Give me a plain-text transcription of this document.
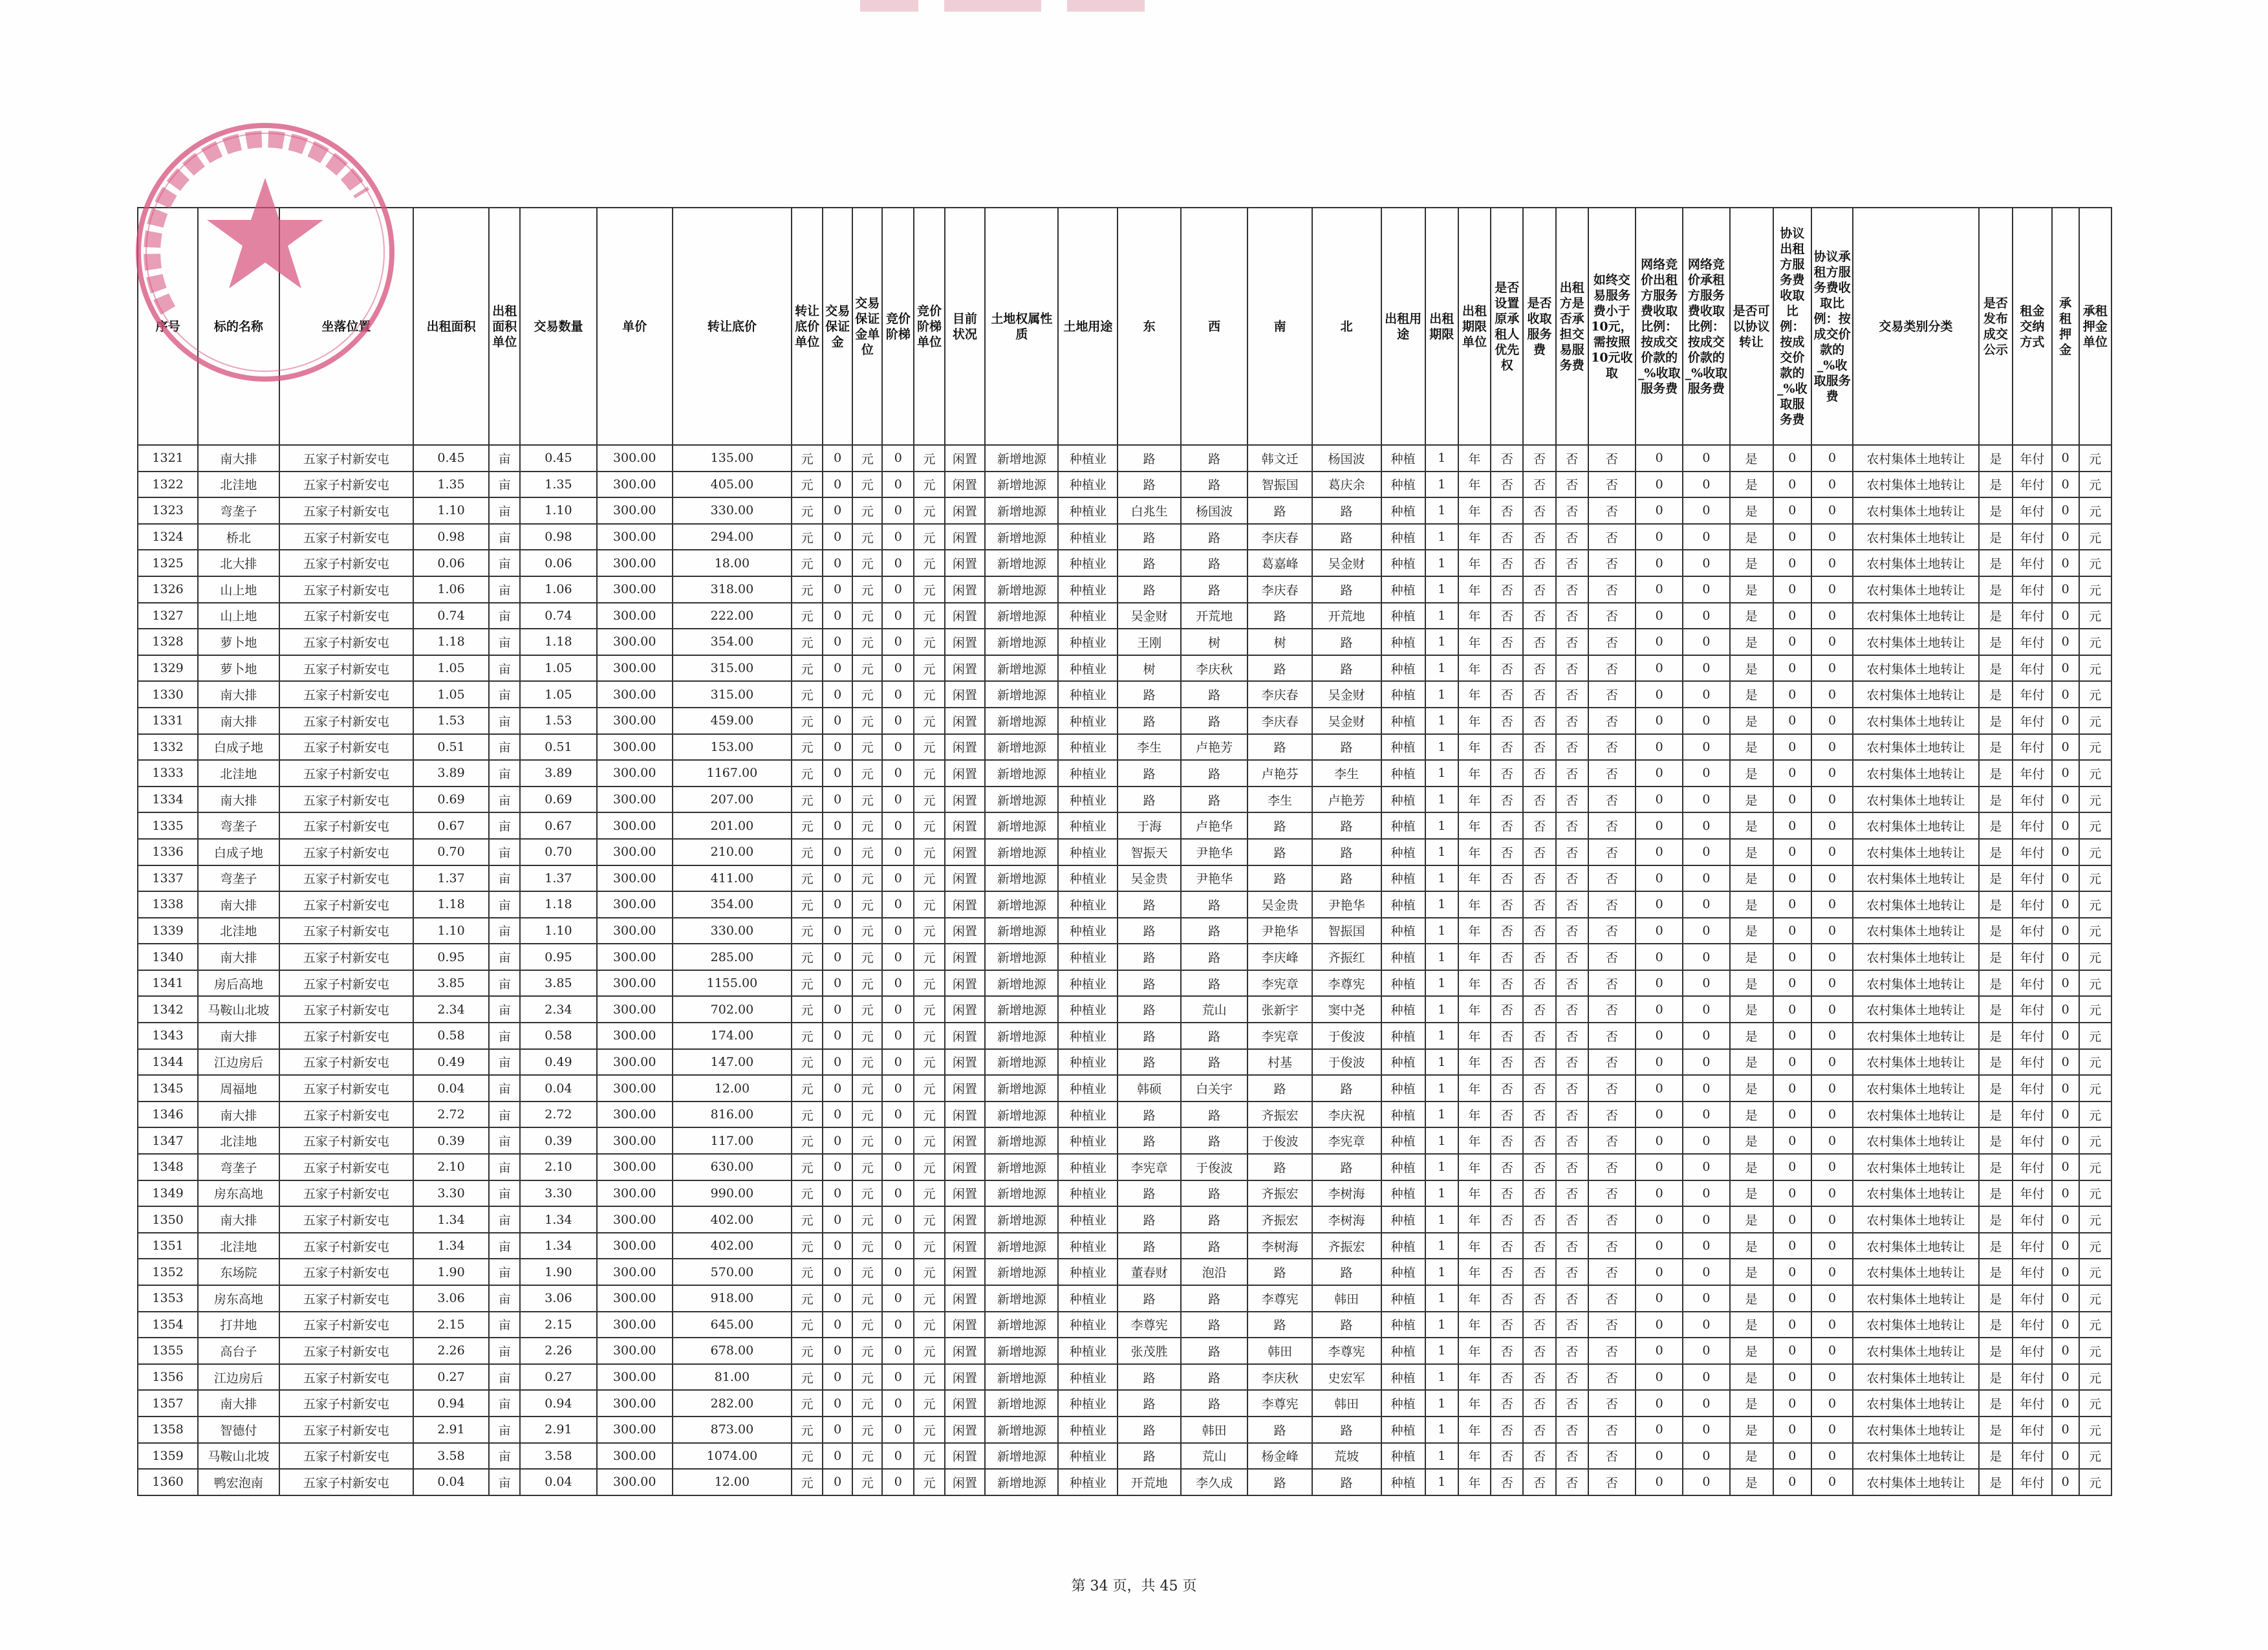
序号	标的名称	坐落位置	出租面积	出租面积单位	交易数量	单价	转让底价	转让底价单位	交易保证金	交易保证金单位	竞价阶梯	竞价阶梯单位	目前状况	土地权属性质	土地用途	东	西	南	北	出租用途	出租期限	出租期限单位	是否设置原承租人优先权	是否收取服务费	出租方是否承担交易服务费	如终交易服务费小于10元，需按照10元收取	网络竞价出租方服务费收取比例：按成交价款的_%收取服务费	网络竞价承租方服务费收取比例：按成交价款的_%收取服务费	是否可以协议转让	协议出租方服务费收取比例：按成交价款的_%收取服务费	协议承租方服务费收取比例：按成交价款的_%收取服务费	交易类别分类	是否发布成交公示	租金交纳方式	承租押金	承租押金单位
1321	南大排	五家子村新安屯	0.45	亩	0.45	300.00	135.00	元	0	元	0	元	闲置	新增地源	种植业	路	路	韩文迁	杨国波	种植	1	年	否	否	否	否	0	0	是	0	0	农村集体土地转让	是	年付	0	元
1322	北洼地	五家子村新安屯	1.35	亩	1.35	300.00	405.00	元	0	元	0	元	闲置	新增地源	种植业	路	路	智振国	葛庆余	种植	1	年	否	否	否	否	0	0	是	0	0	农村集体土地转让	是	年付	0	元
1323	弯垄子	五家子村新安屯	1.10	亩	1.10	300.00	330.00	元	0	元	0	元	闲置	新增地源	种植业	白兆生	杨国波	路	路	种植	1	年	否	否	否	否	0	0	是	0	0	农村集体土地转让	是	年付	0	元
1324	桥北	五家子村新安屯	0.98	亩	0.98	300.00	294.00	元	0	元	0	元	闲置	新增地源	种植业	路	路	李庆春	路	种植	1	年	否	否	否	否	0	0	是	0	0	农村集体土地转让	是	年付	0	元
1325	北大排	五家子村新安屯	0.06	亩	0.06	300.00	18.00	元	0	元	0	元	闲置	新增地源	种植业	路	路	葛嘉峰	吴金财	种植	1	年	否	否	否	否	0	0	是	0	0	农村集体土地转让	是	年付	0	元
1326	山上地	五家子村新安屯	1.06	亩	1.06	300.00	318.00	元	0	元	0	元	闲置	新增地源	种植业	路	路	李庆春	路	种植	1	年	否	否	否	否	0	0	是	0	0	农村集体土地转让	是	年付	0	元
1327	山上地	五家子村新安屯	0.74	亩	0.74	300.00	222.00	元	0	元	0	元	闲置	新增地源	种植业	吴金财	开荒地	路	开荒地	种植	1	年	否	否	否	否	0	0	是	0	0	农村集体土地转让	是	年付	0	元
1328	萝卜地	五家子村新安屯	1.18	亩	1.18	300.00	354.00	元	0	元	0	元	闲置	新增地源	种植业	王刚	树	树	路	种植	1	年	否	否	否	否	0	0	是	0	0	农村集体土地转让	是	年付	0	元
1329	萝卜地	五家子村新安屯	1.05	亩	1.05	300.00	315.00	元	0	元	0	元	闲置	新增地源	种植业	树	李庆秋	路	路	种植	1	年	否	否	否	否	0	0	是	0	0	农村集体土地转让	是	年付	0	元
1330	南大排	五家子村新安屯	1.05	亩	1.05	300.00	315.00	元	0	元	0	元	闲置	新增地源	种植业	路	路	李庆春	吴金财	种植	1	年	否	否	否	否	0	0	是	0	0	农村集体土地转让	是	年付	0	元
1331	南大排	五家子村新安屯	1.53	亩	1.53	300.00	459.00	元	0	元	0	元	闲置	新增地源	种植业	路	路	李庆春	吴金财	种植	1	年	否	否	否	否	0	0	是	0	0	农村集体土地转让	是	年付	0	元
1332	白成子地	五家子村新安屯	0.51	亩	0.51	300.00	153.00	元	0	元	0	元	闲置	新增地源	种植业	李生	卢艳芳	路	路	种植	1	年	否	否	否	否	0	0	是	0	0	农村集体土地转让	是	年付	0	元
1333	北洼地	五家子村新安屯	3.89	亩	3.89	300.00	1167.00	元	0	元	0	元	闲置	新增地源	种植业	路	路	卢艳芬	李生	种植	1	年	否	否	否	否	0	0	是	0	0	农村集体土地转让	是	年付	0	元
1334	南大排	五家子村新安屯	0.69	亩	0.69	300.00	207.00	元	0	元	0	元	闲置	新增地源	种植业	路	路	李生	卢艳芳	种植	1	年	否	否	否	否	0	0	是	0	0	农村集体土地转让	是	年付	0	元
1335	弯垄子	五家子村新安屯	0.67	亩	0.67	300.00	201.00	元	0	元	0	元	闲置	新增地源	种植业	于海	卢艳华	路	路	种植	1	年	否	否	否	否	0	0	是	0	0	农村集体土地转让	是	年付	0	元
1336	白成子地	五家子村新安屯	0.70	亩	0.70	300.00	210.00	元	0	元	0	元	闲置	新增地源	种植业	智振天	尹艳华	路	路	种植	1	年	否	否	否	否	0	0	是	0	0	农村集体土地转让	是	年付	0	元
1337	弯垄子	五家子村新安屯	1.37	亩	1.37	300.00	411.00	元	0	元	0	元	闲置	新增地源	种植业	吴金贵	尹艳华	路	路	种植	1	年	否	否	否	否	0	0	是	0	0	农村集体土地转让	是	年付	0	元
1338	南大排	五家子村新安屯	1.18	亩	1.18	300.00	354.00	元	0	元	0	元	闲置	新增地源	种植业	路	路	吴金贵	尹艳华	种植	1	年	否	否	否	否	0	0	是	0	0	农村集体土地转让	是	年付	0	元
1339	北洼地	五家子村新安屯	1.10	亩	1.10	300.00	330.00	元	0	元	0	元	闲置	新增地源	种植业	路	路	尹艳华	智振国	种植	1	年	否	否	否	否	0	0	是	0	0	农村集体土地转让	是	年付	0	元
1340	南大排	五家子村新安屯	0.95	亩	0.95	300.00	285.00	元	0	元	0	元	闲置	新增地源	种植业	路	路	李庆峰	齐振红	种植	1	年	否	否	否	否	0	0	是	0	0	农村集体土地转让	是	年付	0	元
1341	房后高地	五家子村新安屯	3.85	亩	3.85	300.00	1155.00	元	0	元	0	元	闲置	新增地源	种植业	路	路	李宪章	李尊宪	种植	1	年	否	否	否	否	0	0	是	0	0	农村集体土地转让	是	年付	0	元
1342	马鞍山北坡	五家子村新安屯	2.34	亩	2.34	300.00	702.00	元	0	元	0	元	闲置	新增地源	种植业	路	荒山	张新宇	窦中尧	种植	1	年	否	否	否	否	0	0	是	0	0	农村集体土地转让	是	年付	0	元
1343	南大排	五家子村新安屯	0.58	亩	0.58	300.00	174.00	元	0	元	0	元	闲置	新增地源	种植业	路	路	李宪章	于俊波	种植	1	年	否	否	否	否	0	0	是	0	0	农村集体土地转让	是	年付	0	元
1344	江边房后	五家子村新安屯	0.49	亩	0.49	300.00	147.00	元	0	元	0	元	闲置	新增地源	种植业	路	路	村基	于俊波	种植	1	年	否	否	否	否	0	0	是	0	0	农村集体土地转让	是	年付	0	元
1345	周福地	五家子村新安屯	0.04	亩	0.04	300.00	12.00	元	0	元	0	元	闲置	新增地源	种植业	韩硕	白关宇	路	路	种植	1	年	否	否	否	否	0	0	是	0	0	农村集体土地转让	是	年付	0	元
1346	南大排	五家子村新安屯	2.72	亩	2.72	300.00	816.00	元	0	元	0	元	闲置	新增地源	种植业	路	路	齐振宏	李庆祝	种植	1	年	否	否	否	否	0	0	是	0	0	农村集体土地转让	是	年付	0	元
1347	北洼地	五家子村新安屯	0.39	亩	0.39	300.00	117.00	元	0	元	0	元	闲置	新增地源	种植业	路	路	于俊波	李宪章	种植	1	年	否	否	否	否	0	0	是	0	0	农村集体土地转让	是	年付	0	元
1348	弯垄子	五家子村新安屯	2.10	亩	2.10	300.00	630.00	元	0	元	0	元	闲置	新增地源	种植业	李宪章	于俊波	路	路	种植	1	年	否	否	否	否	0	0	是	0	0	农村集体土地转让	是	年付	0	元
1349	房东高地	五家子村新安屯	3.30	亩	3.30	300.00	990.00	元	0	元	0	元	闲置	新增地源	种植业	路	路	齐振宏	李树海	种植	1	年	否	否	否	否	0	0	是	0	0	农村集体土地转让	是	年付	0	元
1350	南大排	五家子村新安屯	1.34	亩	1.34	300.00	402.00	元	0	元	0	元	闲置	新增地源	种植业	路	路	齐振宏	李树海	种植	1	年	否	否	否	否	0	0	是	0	0	农村集体土地转让	是	年付	0	元
1351	北洼地	五家子村新安屯	1.34	亩	1.34	300.00	402.00	元	0	元	0	元	闲置	新增地源	种植业	路	路	李树海	齐振宏	种植	1	年	否	否	否	否	0	0	是	0	0	农村集体土地转让	是	年付	0	元
1352	东场院	五家子村新安屯	1.90	亩	1.90	300.00	570.00	元	0	元	0	元	闲置	新增地源	种植业	董春财	泡沿	路	路	种植	1	年	否	否	否	否	0	0	是	0	0	农村集体土地转让	是	年付	0	元
1353	房东高地	五家子村新安屯	3.06	亩	3.06	300.00	918.00	元	0	元	0	元	闲置	新增地源	种植业	路	路	李尊宪	韩田	种植	1	年	否	否	否	否	0	0	是	0	0	农村集体土地转让	是	年付	0	元
1354	打井地	五家子村新安屯	2.15	亩	2.15	300.00	645.00	元	0	元	0	元	闲置	新增地源	种植业	李尊宪	路	路	路	种植	1	年	否	否	否	否	0	0	是	0	0	农村集体土地转让	是	年付	0	元
1355	高台子	五家子村新安屯	2.26	亩	2.26	300.00	678.00	元	0	元	0	元	闲置	新增地源	种植业	张茂胜	路	韩田	李尊宪	种植	1	年	否	否	否	否	0	0	是	0	0	农村集体土地转让	是	年付	0	元
1356	江边房后	五家子村新安屯	0.27	亩	0.27	300.00	81.00	元	0	元	0	元	闲置	新增地源	种植业	路	路	李庆秋	史宏军	种植	1	年	否	否	否	否	0	0	是	0	0	农村集体土地转让	是	年付	0	元
1357	南大排	五家子村新安屯	0.94	亩	0.94	300.00	282.00	元	0	元	0	元	闲置	新增地源	种植业	路	路	李尊宪	韩田	种植	1	年	否	否	否	否	0	0	是	0	0	农村集体土地转让	是	年付	0	元
1358	智德付	五家子村新安屯	2.91	亩	2.91	300.00	873.00	元	0	元	0	元	闲置	新增地源	种植业	路	韩田	路	路	种植	1	年	否	否	否	否	0	0	是	0	0	农村集体土地转让	是	年付	0	元
1359	马鞍山北坡	五家子村新安屯	3.58	亩	3.58	300.00	1074.00	元	0	元	0	元	闲置	新增地源	种植业	路	荒山	杨金峰	荒坡	种植	1	年	否	否	否	否	0	0	是	0	0	农村集体土地转让	是	年付	0	元
1360	鸭宏泡南	五家子村新安屯	0.04	亩	0.04	300.00	12.00	元	0	元	0	元	闲置	新增地源	种植业	开荒地	李久成	路	路	种植	1	年	否	否	否	否	0	0	是	0	0	农村集体土地转让	是	年付	0	元
第 34 页，共 45 页
